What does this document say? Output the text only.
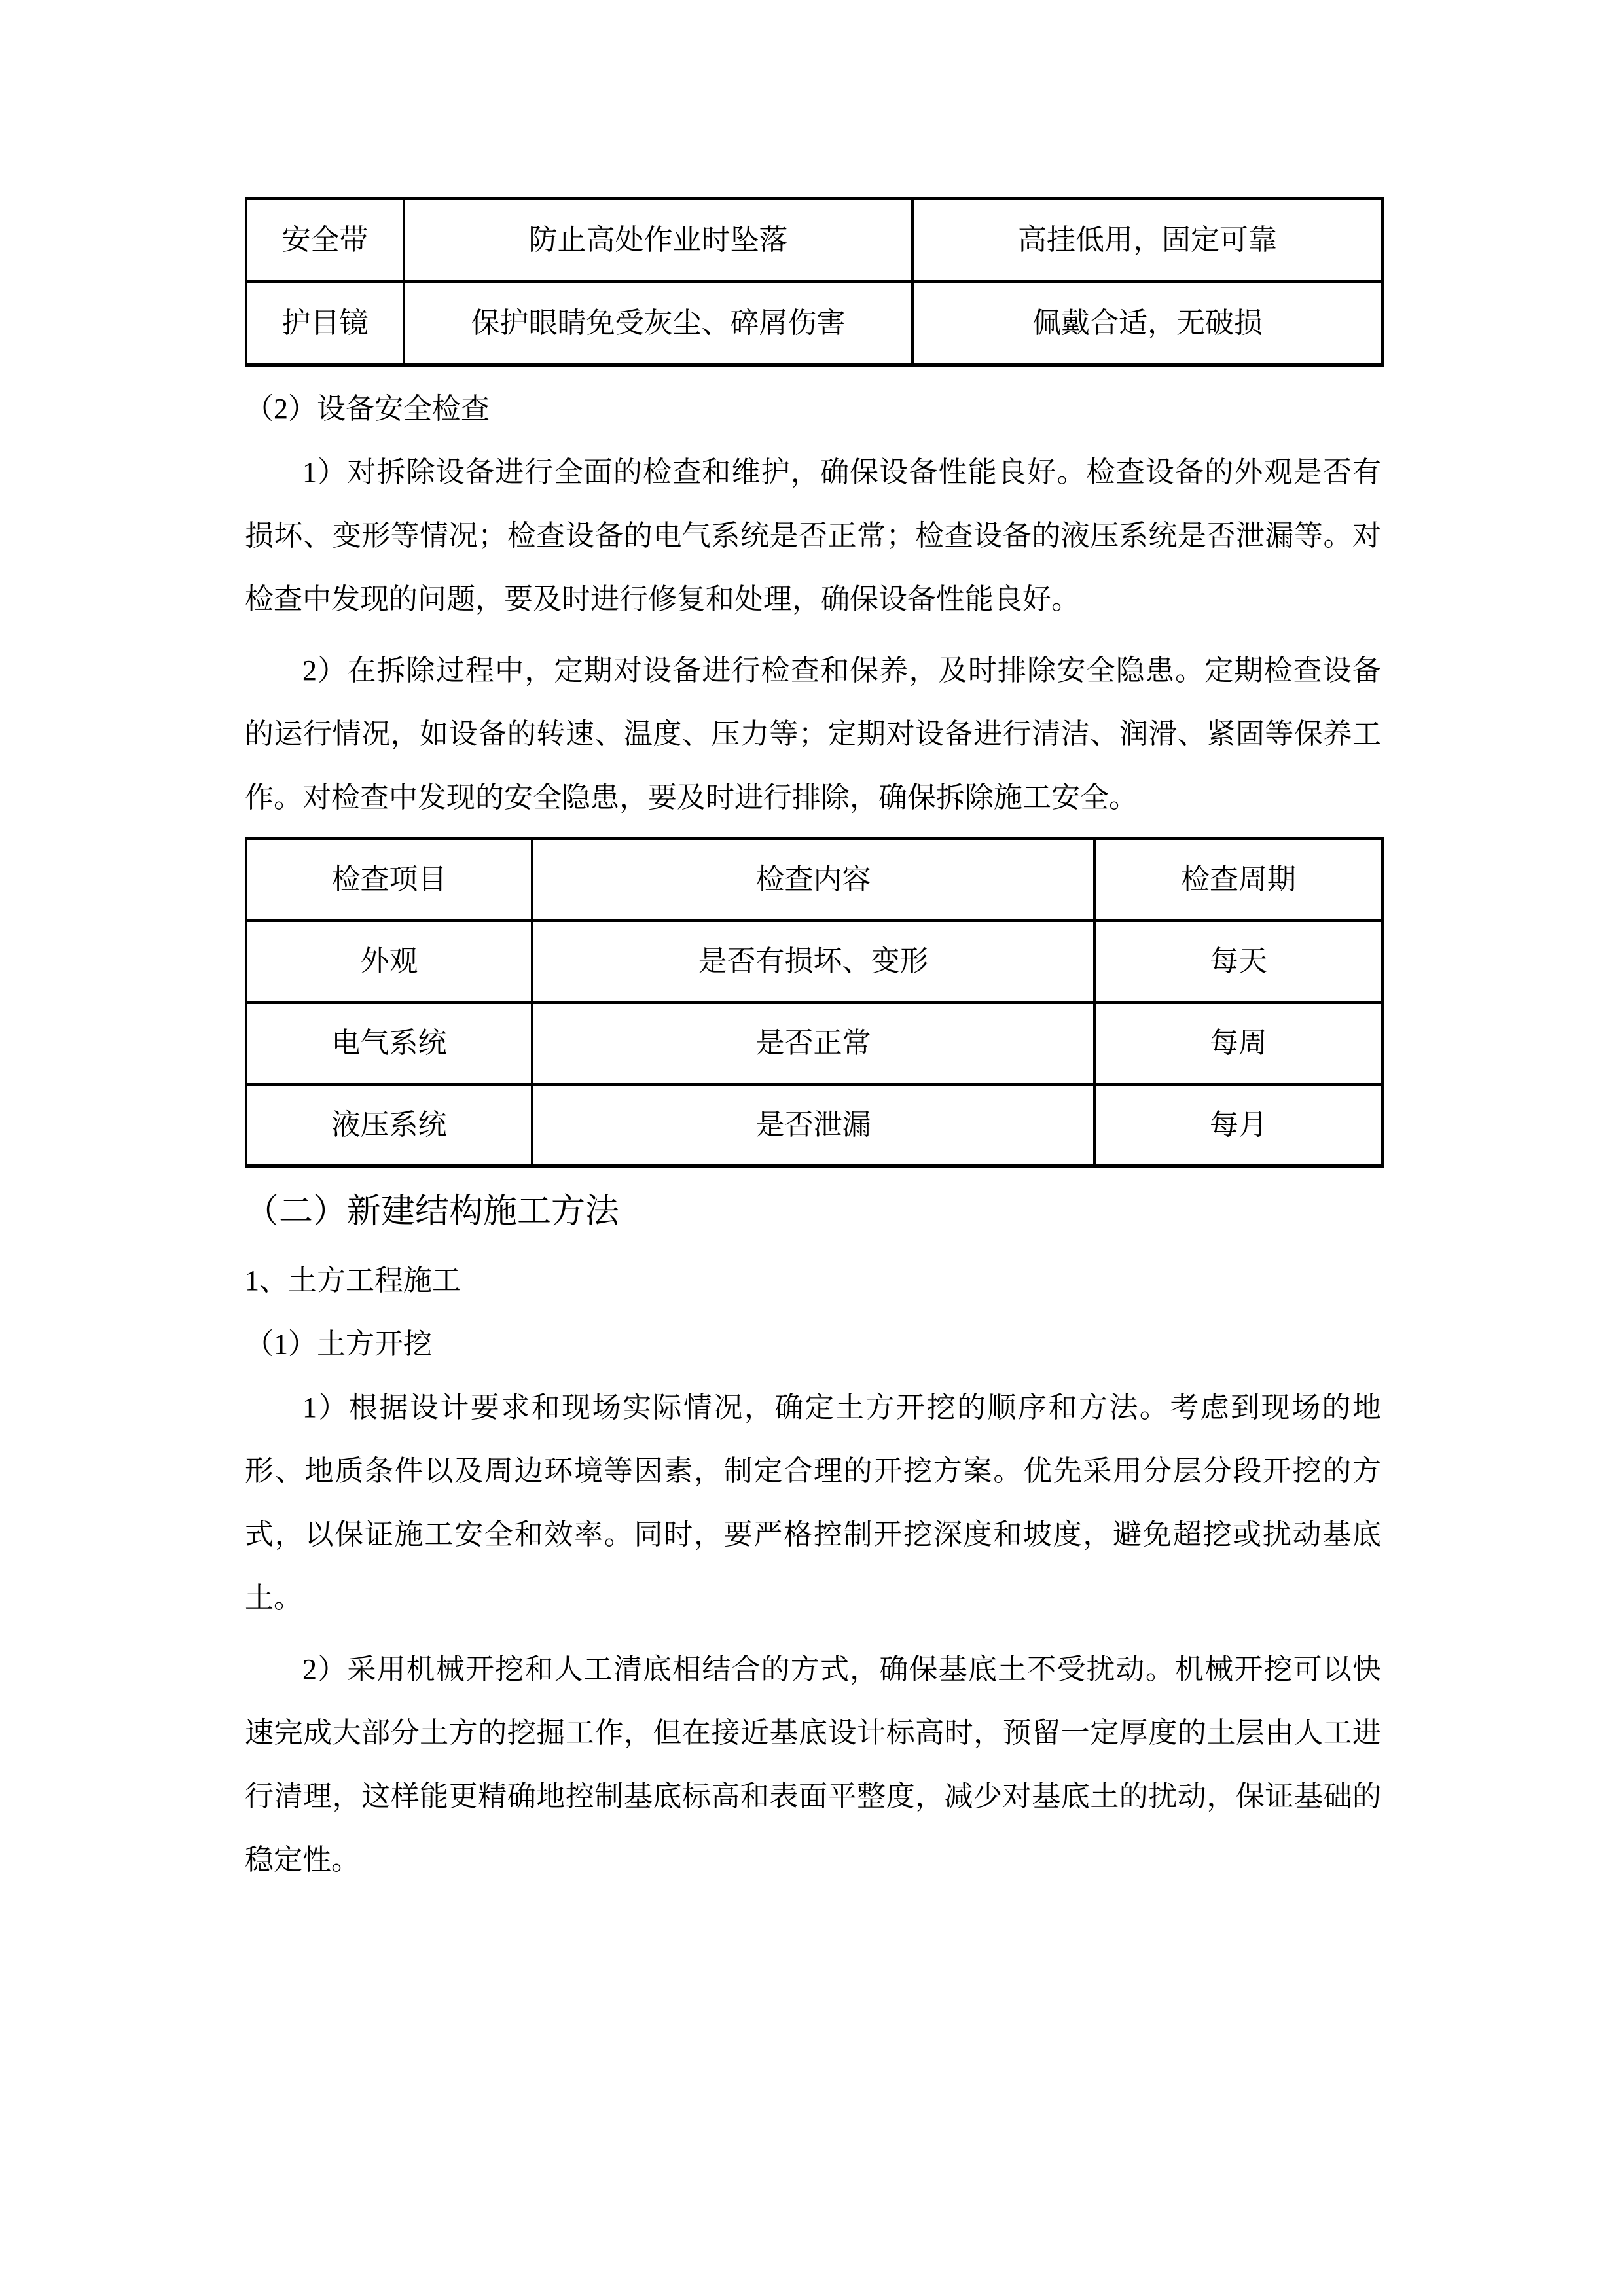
安全带	防止高处作业时坠落	高挂低用，固定可靠
护目镜	保护眼睛免受灰尘、碎屑伤害	佩戴合适，无破损

（2）设备安全检查

1）对拆除设备进行全面的检查和维护，确保设备性能良好。检查设备的外观是否有损坏、变形等情况；检查设备的电气系统是否正常；检查设备的液压系统是否泄漏等。对检查中发现的问题，要及时进行修复和处理，确保设备性能良好。

2）在拆除过程中，定期对设备进行检查和保养，及时排除安全隐患。定期检查设备的运行情况，如设备的转速、温度、压力等；定期对设备进行清洁、润滑、紧固等保养工作。对检查中发现的安全隐患，要及时进行排除，确保拆除施工安全。

检查项目	检查内容	检查周期
外观	是否有损坏、变形	每天
电气系统	是否正常	每周
液压系统	是否泄漏	每月

（二）新建结构施工方法

1、土方工程施工

（1）土方开挖

1）根据设计要求和现场实际情况，确定土方开挖的顺序和方法。考虑到现场的地形、地质条件以及周边环境等因素，制定合理的开挖方案。优先采用分层分段开挖的方式，以保证施工安全和效率。同时，要严格控制开挖深度和坡度，避免超挖或扰动基底土。

2）采用机械开挖和人工清底相结合的方式，确保基底土不受扰动。机械开挖可以快速完成大部分土方的挖掘工作，但在接近基底设计标高时，预留一定厚度的土层由人工进行清理，这样能更精确地控制基底标高和表面平整度，减少对基底土的扰动，保证基础的稳定性。
